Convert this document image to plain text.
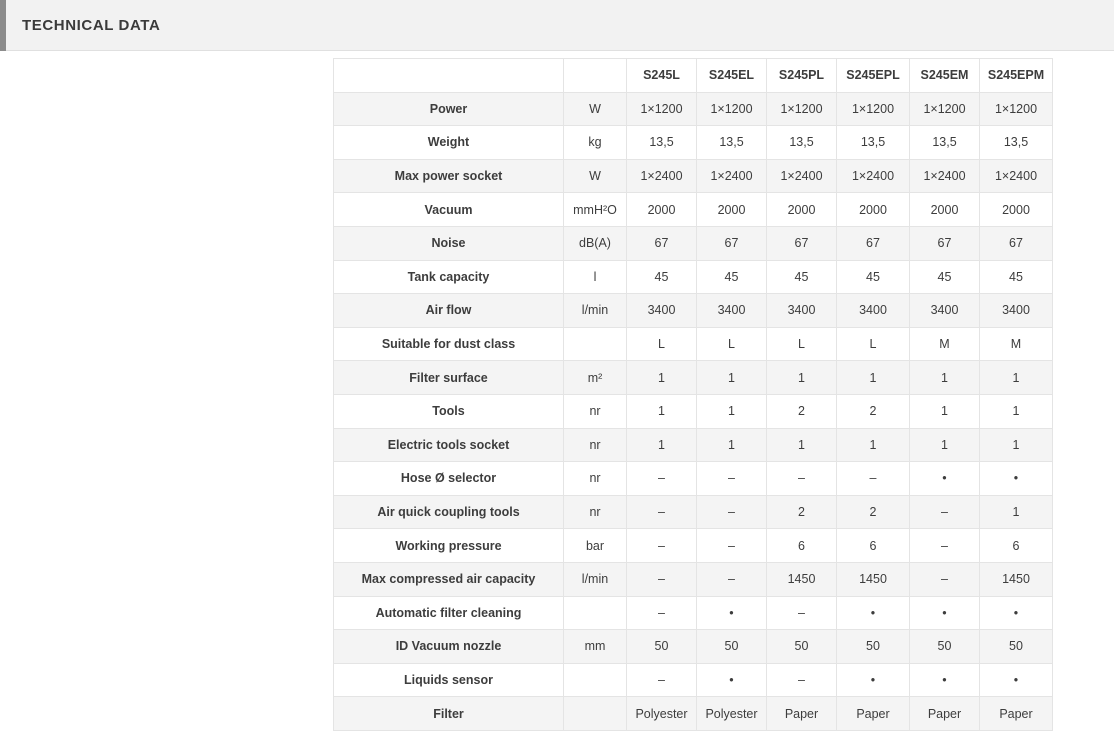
TECHNICAL DATA
		S245L	S245EL	S245PL	S245EPL	S245EM	S245EPM
Power	W	1×1200	1×1200	1×1200	1×1200	1×1200	1×1200
Weight	kg	13,5	13,5	13,5	13,5	13,5	13,5
Max power socket	W	1×2400	1×2400	1×2400	1×2400	1×2400	1×2400
Vacuum	mmH²O	2000	2000	2000	2000	2000	2000
Noise	dB(A)	67	67	67	67	67	67
Tank capacity	l	45	45	45	45	45	45
Air flow	l/min	3400	3400	3400	3400	3400	3400
Suitable for dust class		L	L	L	L	M	M
Filter surface	m²	1	1	1	1	1	1
Tools	nr	1	1	2	2	1	1
Electric tools socket	nr	1	1	1	1	1	1
Hose Ø selector	nr	–	–	–	–	•	•
Air quick coupling tools	nr	–	–	2	2	–	1
Working pressure	bar	–	–	6	6	–	6
Max compressed air capacity	l/min	–	–	1450	1450	–	1450
Automatic filter cleaning		–	•	–	•	•	•
ID Vacuum nozzle	mm	50	50	50	50	50	50
Liquids sensor		–	•	–	•	•	•
Filter		Polyester	Polyester	Paper	Paper	Paper	Paper
